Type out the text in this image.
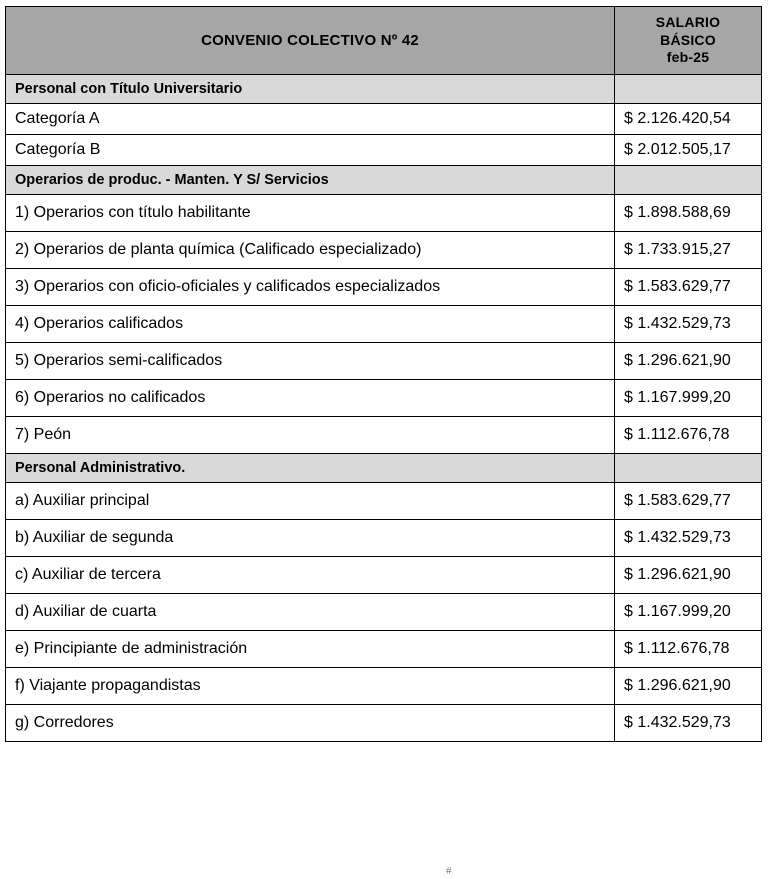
CONVENIO COLECTIVO Nº 42	SALARIO
BÁSICO
feb-25

Personal con Título Universitario	
Categoría A	$ 2.126.420,54
Categoría B	$ 2.012.505,17
Operarios de produc. - Manten. Y S/ Servicios	
1) Operarios con título habilitante	$ 1.898.588,69
2) Operarios de planta química (Calificado especializado)	$ 1.733.915,27
3) Operarios con oficio-oficiales y calificados especializados	$ 1.583.629,77
4) Operarios calificados	$ 1.432.529,73
5) Operarios semi-calificados	$ 1.296.621,90
6) Operarios no calificados	$ 1.167.999,20
7) Peón	$ 1.112.676,78
Personal Administrativo.	
a) Auxiliar principal	$ 1.583.629,77
b) Auxiliar de segunda	$ 1.432.529,73
c) Auxiliar de tercera	$ 1.296.621,90
d) Auxiliar de cuarta	$ 1.167.999,20
e) Principiante de administración	$ 1.112.676,78
f) Viajante propagandistas	$ 1.296.621,90
g) Corredores	$ 1.432.529,73
#
